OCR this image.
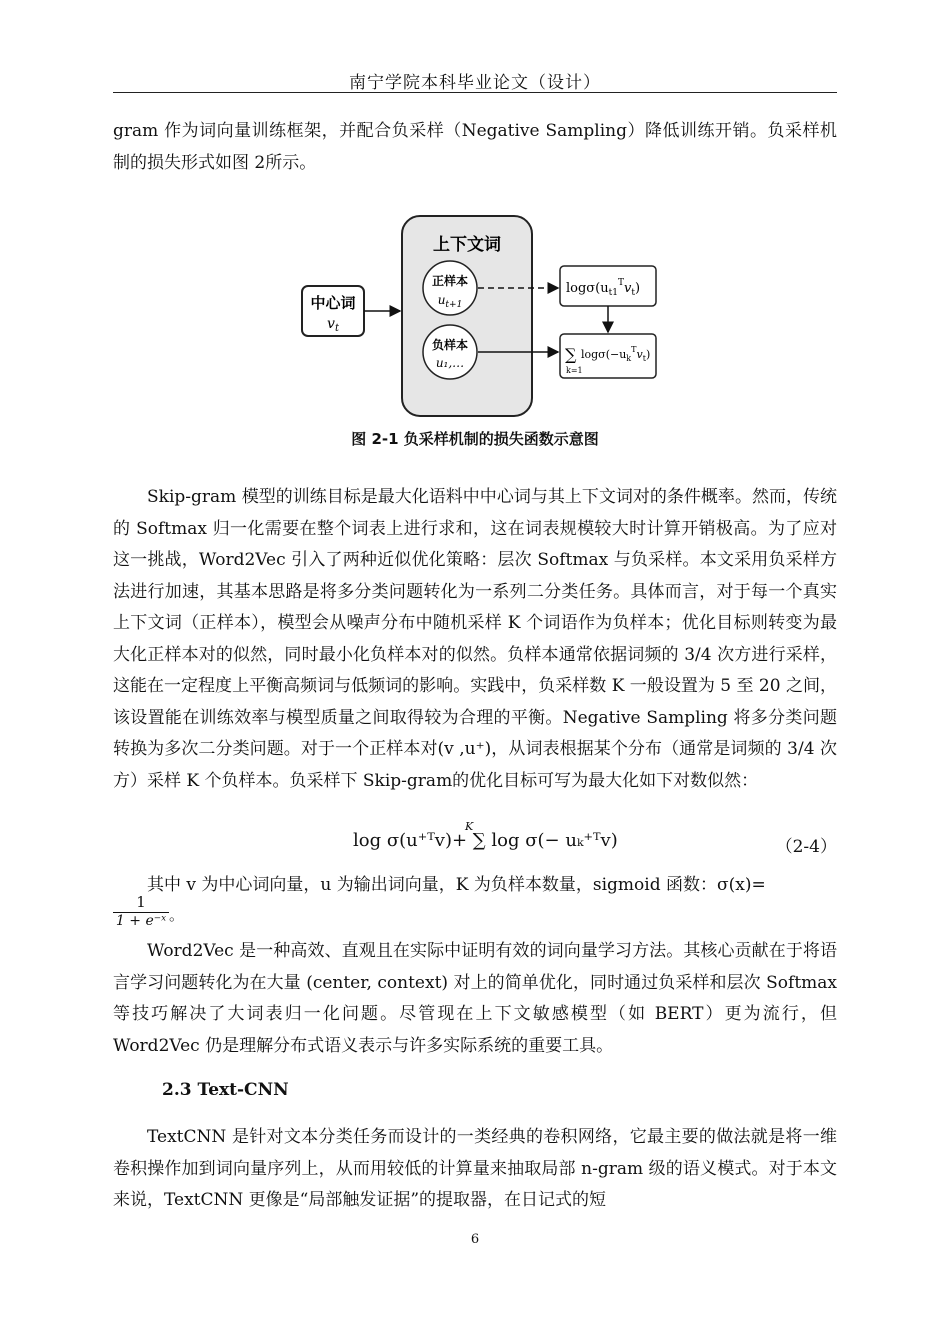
南宁学院本科毕业论文（设计）
gram 作为词向量训练框架，并配合负采样（Negative Sampling）降低训练开销。负采样机制的损失形式如图 2所示。
上下文词
中心词
$v_t$
正样本
$u_{t+1}$
负样本
u₁,…
$\log\sigma(u_{t1}^Tv_t)$
∑
k=1
$\log\sigma(-u_k^Tv_t)$
图 2-1 负采样机制的损失函数示意图
Skip-gram 模型的训练目标是最大化语料中中心词与其上下文词对的条件概率。然而，传统的 Softmax 归一化需要在整个词表上进行求和，这在词表规模较大时计算开销极高。为了应对这一挑战，Word2Vec 引入了两种近似优化策略：层次 Softmax 与负采样。本文采用负采样方法进行加速，其基本思路是将多分类问题转化为一系列二分类任务。具体而言，对于每一个真实上下文词（正样本），模型会从噪声分布中随机采样 K 个词语作为负样本；优化目标则转变为最大化正样本对的似然，同时最小化负样本对的似然。负样本通常依据词频的 3/4 次方进行采样，这能在一定程度上平衡高频词与低频词的影响。实践中，负采样数 K 一般设置为 5 至 20 之间，该设置能在训练效率与模型质量之间取得较为合理的平衡。Negative Sampling 将多分类问题转换为多次二分类问题。对于一个正样本对(v ,u⁺)，从词表根据某个分布（通常是词频的 3/4 次方）采样 K 个负样本。负采样下 Skip-gram的优化目标可写为最大化如下对数似然：
K
log σ(u⁺ᵀv)+ ∑ log σ(− uₖ⁺ᵀv)	（2-4）
其中 v 为中心词向量，u 为输出词向量，K 为负样本数量，sigmoid 函数：σ(x)=
$\frac{1}{\text{1 + e⁻ˣ}}$ 。
Word2Vec 是一种高效、直观且在实际中证明有效的词向量学习方法。其核心贡献在于将语言学习问题转化为在大量 (center, context) 对上的简单优化，同时通过负采样和层次 Softmax 等技巧解决了大词表归一化问题。尽管现在上下文敏感模型（如 BERT）更为流行，但 Word2Vec 仍是理解分布式语义表示与许多实际系统的重要工具。
2.3 Text-CNN
TextCNN 是针对文本分类任务而设计的一类经典的卷积网络，它最主要的做法就是将一维卷积操作加到词向量序列上，从而用较低的计算量来抽取局部 n-gram 级的语义模式。对于本文来说，TextCNN 更像是“局部触发证据”的提取器，在日记式的短
6
